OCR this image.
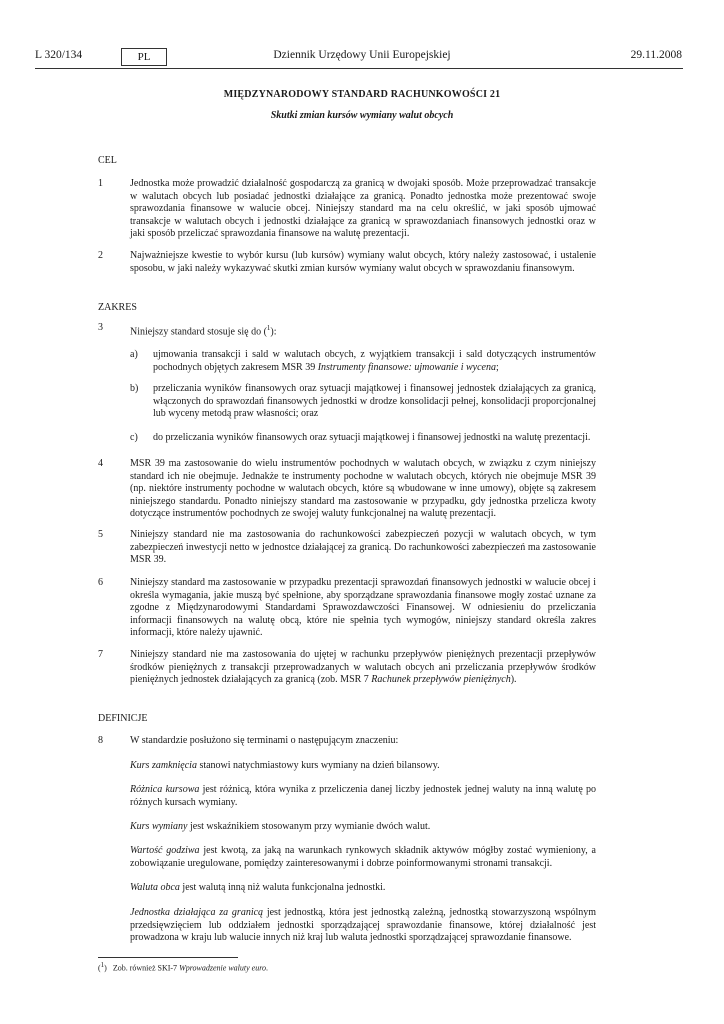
L 320/134	PL	Dziennik Urzędowy Unii Europejskiej	29.11.2008
MIĘDZYNARODOWY STANDARD RACHUNKOWOŚCI 21
Skutki zmian kursów wymiany walut obcych
CEL
1	Jednostka może prowadzić działalność gospodarczą za granicą w dwojaki sposób. Może przeprowadzać transakcje w walutach obcych lub posiadać jednostki działające za granicą. Ponadto jednostka może prezentować swoje sprawozdania finansowe w walucie obcej. Niniejszy standard ma na celu określić, w jaki sposób ujmować transakcje w walutach obcych i jednostki działające za granicą w sprawozdaniach finansowych jednostki oraz w jaki sposób przeliczać sprawozdania finansowe na walutę prezentacji.
2	Najważniejsze kwestie to wybór kursu (lub kursów) wymiany walut obcych, który należy zastosować, i ustalenie sposobu, w jaki należy wykazywać skutki zmian kursów wymiany walut obcych w sprawozdaniu finansowym.
ZAKRES
3	Niniejszy standard stosuje się do ($^1$):
a) ujmowania transakcji i sald w walutach obcych, z wyjątkiem transakcji i sald dotyczących instrumentów pochodnych objętych zakresem MSR 39 Instrumenty finansowe: ujmowanie i wycena;
b) przeliczania wyników finansowych oraz sytuacji majątkowej i finansowej jednostek działających za granicą, włączonych do sprawozdań finansowych jednostki w drodze konsolidacji pełnej, konsolidacji proporcjonalnej lub wyceny metodą praw własności; oraz
c) do przeliczania wyników finansowych oraz sytuacji majątkowej i finansowej jednostki na walutę prezentacji.
4	MSR 39 ma zastosowanie do wielu instrumentów pochodnych w walutach obcych, w związku z czym niniejszy standard ich nie obejmuje. Jednakże te instrumenty pochodne w walutach obcych, których nie obejmuje MSR 39 (np. niektóre instrumenty pochodne w walutach obcych, które są wbudowane w inne umowy), objęte są zakresem niniejszego standardu. Ponadto niniejszy standard ma zastosowanie w przypadku, gdy jednostka przelicza kwoty dotyczące instrumentów pochodnych ze swojej waluty funkcjonalnej na walutę prezentacji.
5	Niniejszy standard nie ma zastosowania do rachunkowości zabezpieczeń pozycji w walutach obcych, w tym zabezpieczeń inwestycji netto w jednostce działającej za granicą. Do rachunkowości zabezpieczeń ma zastosowanie MSR 39.
6	Niniejszy standard ma zastosowanie w przypadku prezentacji sprawozdań finansowych jednostki w walucie obcej i określa wymagania, jakie muszą być spełnione, aby sporządzane sprawozdania finansowe mogły zostać uznane za zgodne z Międzynarodowymi Standardami Sprawozdawczości Finansowej. W odniesieniu do przeliczania informacji finansowych na walutę obcą, które nie spełnia tych wymogów, niniejszy standard określa zakres informacji, które należy ujawnić.
7	Niniejszy standard nie ma zastosowania do ujętej w rachunku przepływów pieniężnych prezentacji przepływów środków pieniężnych z transakcji przeprowadzanych w walutach obcych ani przeliczania przepływów środków pieniężnych jednostek działających za granicą (zob. MSR 7 Rachunek przepływów pieniężnych).
DEFINICJE
8	W standardzie posłużono się terminami o następującym znaczeniu:
Kurs zamknięcia stanowi natychmiastowy kurs wymiany na dzień bilansowy.
Różnica kursowa jest różnicą, która wynika z przeliczenia danej liczby jednostek jednej waluty na inną walutę po różnych kursach wymiany.
Kurs wymiany jest wskaźnikiem stosowanym przy wymianie dwóch walut.
Wartość godziwa jest kwotą, za jaką na warunkach rynkowych składnik aktywów mógłby zostać wymieniony, a zobowiązanie uregulowane, pomiędzy zainteresowanymi i dobrze poinformowanymi stronami transakcji.
Waluta obca jest walutą inną niż waluta funkcjonalna jednostki.
Jednostka działająca za granicą jest jednostką, która jest jednostką zależną, jednostką stowarzyszoną wspólnym przedsięwzięciem lub oddziałem jednostki sporządzającej sprawozdanie finansowe, której działalność jest prowadzona w kraju lub walucie innych niż kraj lub waluta jednostki sporządzającej sprawozdanie finansowe.
($^1$)   Zob. również SKI-7 Wprowadzenie waluty euro.
